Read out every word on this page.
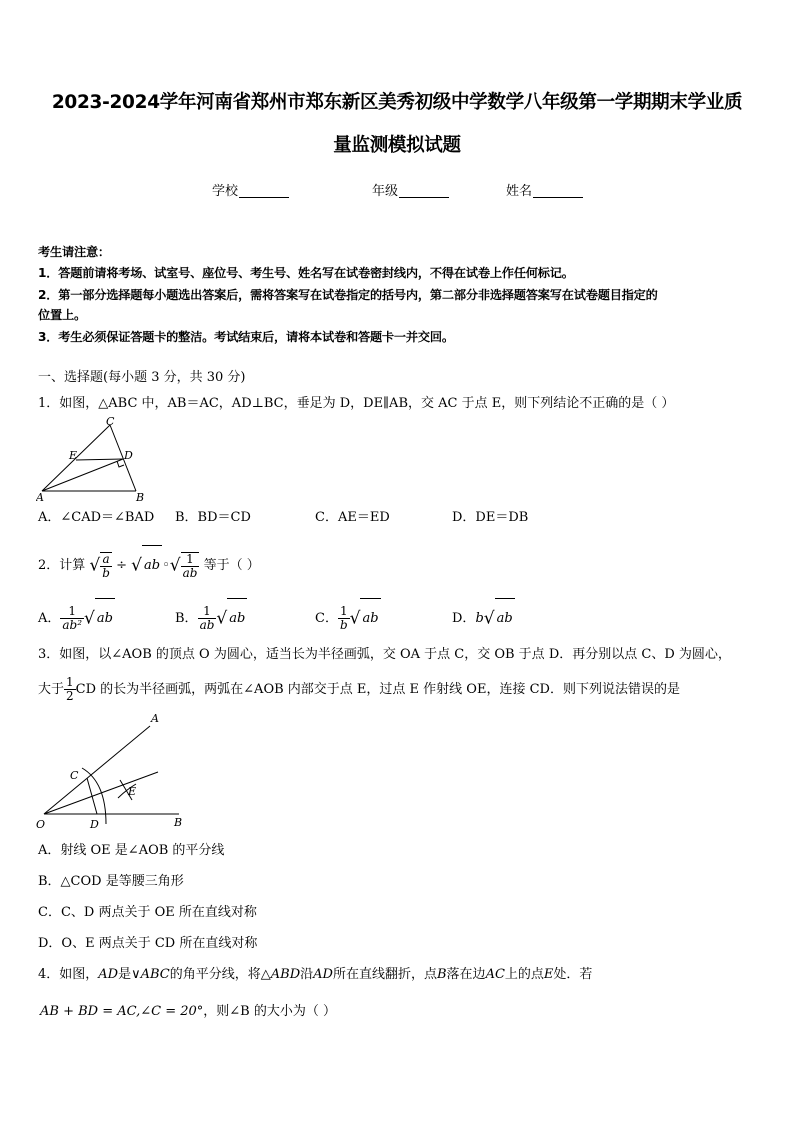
2023-2024学年河南省郑州市郑东新区美秀初级中学数学八年级第一学期期末学业质
量监测模拟试题
学校	年级	姓名
考生请注意：
1．答题前请将考场、试室号、座位号、考生号、姓名写在试卷密封线内，不得在试卷上作任何标记。
2．第一部分选择题每小题选出答案后，需将答案写在试卷指定的括号内，第二部分非选择题答案写在试卷题目指定的
位置上。
3．考生必须保证答题卡的整洁。考试结束后，请将本试卷和答题卡一并交回。
一、选择题(每小题 3 分，共 30 分)
1．如图，△ABC 中，AB＝AC，AD⊥BC，垂足为 D，DE∥AB，交 AC 于点 E，则下列结论不正确的是（ ）
C
E	D
A	B
A．∠CAD＝∠BAD B．BD＝CD	C．AE＝ED	D．DE＝DB
2．计算 √ $\frac{a}{b}$ ÷ √ ab ◦√ $\frac{1}{ab}$ 等于（ ）
A． $\frac{1}{\text{ab²}}$ √ ab	B． $\frac{1}{ab}$ √ ab	C． $\frac{1}{b}$ √ ab	D．b√ ab
3．如图，以∠AOB 的顶点 O 为圆心，适当长为半径画弧，交 OA 于点 C，交 OB 于点 D．再分别以点 C、D 为圆心，
大于 $\frac{1}{2}$ CD 的长为半径画弧，两弧在∠AOB 内部交于点 E，过点 E 作射线 OE，连接 CD．则下列说法错误的是
A
C
E
O	D	B
A．射线 OE 是∠AOB 的平分线
B．△COD 是等腰三角形
C．C、D 两点关于 OE 所在直线对称
D．O、E 两点关于 CD 所在直线对称
4．如图，AD是∨ABC的角平分线，将△ABD沿AD所在直线翻折，点B落在边AC上的点E处．若
AB + BD = AC,∠C = 20°，则∠B 的大小为（ ）
